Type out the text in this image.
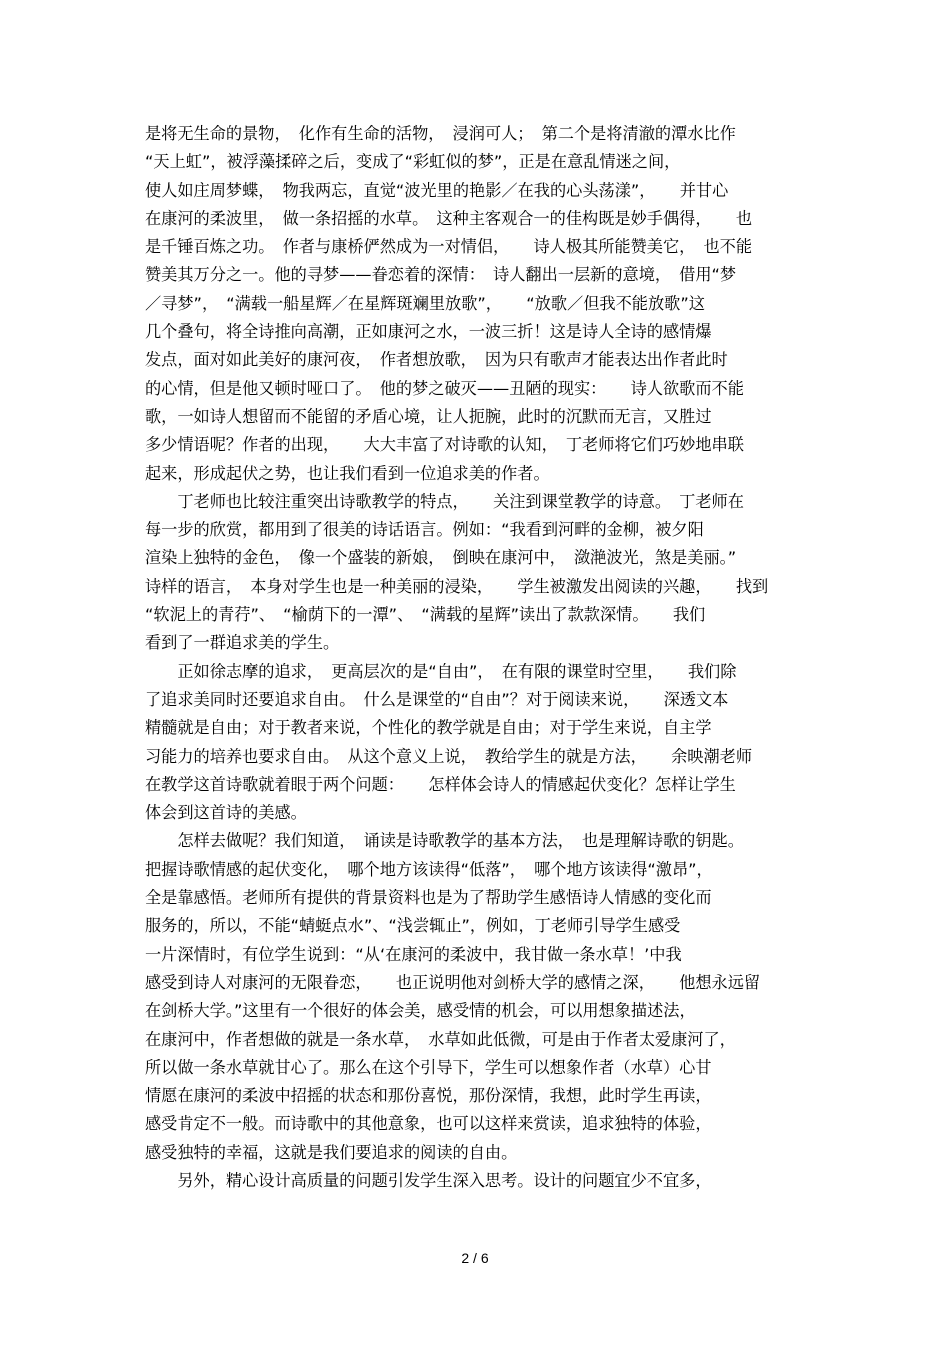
是将无生命的景物，　化作有生命的活物，　浸润可人；　第二个是将清澈的潭水比作
“天上虹”，被浮藻揉碎之后，变成了“彩虹似的梦”，正是在意乱情迷之间，
使人如庄周梦蝶，　物我两忘，直觉“波光里的艳影／在我的心头荡漾”，　　并甘心
在康河的柔波里，　做一条招摇的水草。　这种主客观合一的佳构既是妙手偶得，　　也
是千锤百炼之功。　作者与康桥俨然成为一对情侣，　　诗人极其所能赞美它，　也不能
赞美其万分之一。他的寻梦——眷恋着的深情：　诗人翻出一层新的意境，　借用“梦
／寻梦”，　“满载一船星辉／在星辉斑斓里放歌”，　　“放歌／但我不能放歌”这
几个叠句，将全诗推向高潮，正如康河之水，一波三折！这是诗人全诗的感情爆
发点，面对如此美好的康河夜，　作者想放歌，　因为只有歌声才能表达出作者此时
的心情，但是他又顿时哑口了。　他的梦之破灭——丑陋的现实：　　诗人欲歌而不能
歌，一如诗人想留而不能留的矛盾心境，让人扼腕，此时的沉默而无言，又胜过
多少情语呢？作者的出现，　　大大丰富了对诗歌的认知，　丁老师将它们巧妙地串联
起来，形成起伏之势，也让我们看到一位追求美的作者。
　　丁老师也比较注重突出诗歌教学的特点，　　关注到课堂教学的诗意。　丁老师在
每一步的欣赏，都用到了很美的诗话语言。例如：“我看到河畔的金柳，被夕阳
渲染上独特的金色，　像一个盛装的新娘，　倒映在康河中，　潋滟波光，煞是美丽。”
诗样的语言，　本身对学生也是一种美丽的浸染，　　学生被激发出阅读的兴趣，　　找到
“软泥上的青荇”、　“榆荫下的一潭”、　“满载的星辉”读出了款款深情。　　我们
看到了一群追求美的学生。
　　正如徐志摩的追求，　更高层次的是“自由”，　在有限的课堂时空里，　　我们除
了追求美同时还要追求自由。　什么是课堂的“自由”？对于阅读来说，　　深透文本
精髓就是自由；对于教者来说，个性化的教学就是自由；对于学生来说，自主学
习能力的培养也要求自由。　从这个意义上说，　教给学生的就是方法，　　余映潮老师
在教学这首诗歌就着眼于两个问题：　　怎样体会诗人的情感起伏变化？怎样让学生
体会到这首诗的美感。
　　怎样去做呢？我们知道，　诵读是诗歌教学的基本方法，　也是理解诗歌的钥匙。
把握诗歌情感的起伏变化，　哪个地方该读得“低落”，　哪个地方该读得“激昂”，
全是靠感悟。老师所有提供的背景资料也是为了帮助学生感悟诗人情感的变化而
服务的，所以，不能“蜻蜓点水”、“浅尝辄止”，例如，丁老师引导学生感受
一片深情时，有位学生说到：“从‘在康河的柔波中，我甘做一条水草！’中我
感受到诗人对康河的无限眷恋，　　也正说明他对剑桥大学的感情之深，　　他想永远留
在剑桥大学。”这里有一个很好的体会美，感受情的机会，可以用想象描述法，
在康河中，作者想做的就是一条水草，　水草如此低微，可是由于作者太爱康河了，
所以做一条水草就甘心了。那么在这个引导下，学生可以想象作者（水草）心甘
情愿在康河的柔波中招摇的状态和那份喜悦，那份深情，我想，此时学生再读，
感受肯定不一般。而诗歌中的其他意象，也可以这样来赏读，追求独特的体验，
感受独特的幸福，这就是我们要追求的阅读的自由。
　　另外，精心设计高质量的问题引发学生深入思考。设计的问题宜少不宜多，
2 / 6
